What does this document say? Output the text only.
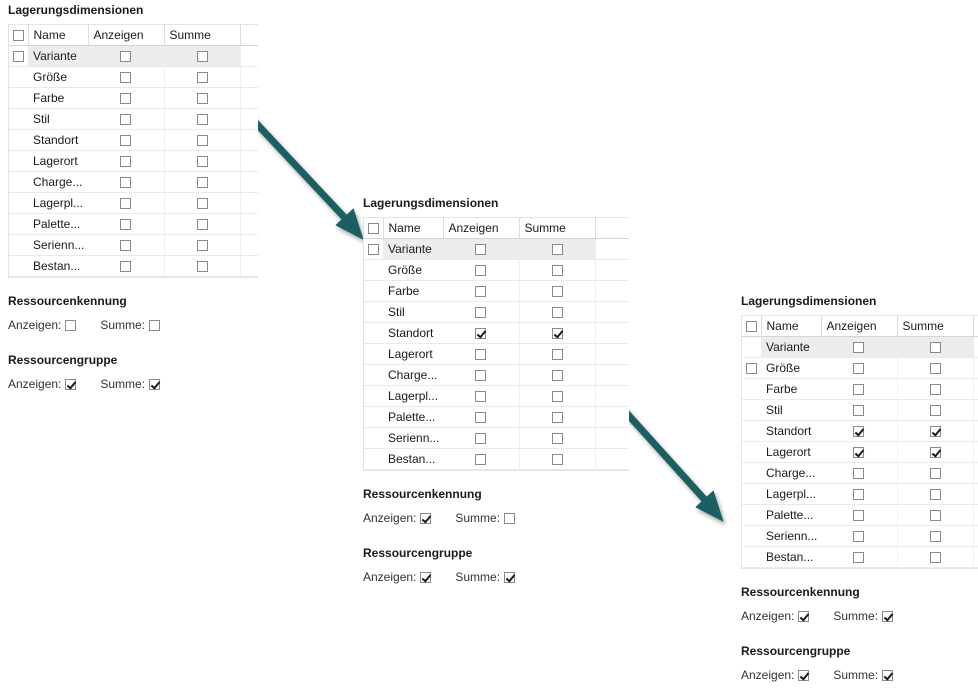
Lagerungsdimensionen
	Name	Anzeigen	Summe	
	Variante			
	Größe			
	Farbe			
	Stil			
	Standort			
	Lagerort			
	Charge...			
	Lagerpl...			
	Palette...			
	Serienn...			
	Bestan...			
Ressourcenkennung
Anzeigen:	Summe:
Ressourcengruppe
Anzeigen:	Summe:
Lagerungsdimensionen
	Name	Anzeigen	Summe	
	Variante			
	Größe			
	Farbe			
	Stil			
	Standort			
	Lagerort			
	Charge...			
	Lagerpl...			
	Palette...			
	Serienn...			
	Bestan...			
Ressourcenkennung
Anzeigen:	Summe:
Ressourcengruppe
Anzeigen:	Summe:
Lagerungsdimensionen
	Name	Anzeigen	Summe	
	Variante			
	Größe			
	Farbe			
	Stil			
	Standort			
	Lagerort			
	Charge...			
	Lagerpl...			
	Palette...			
	Serienn...			
	Bestan...			
Ressourcenkennung
Anzeigen:	Summe:
Ressourcengruppe
Anzeigen:	Summe:
